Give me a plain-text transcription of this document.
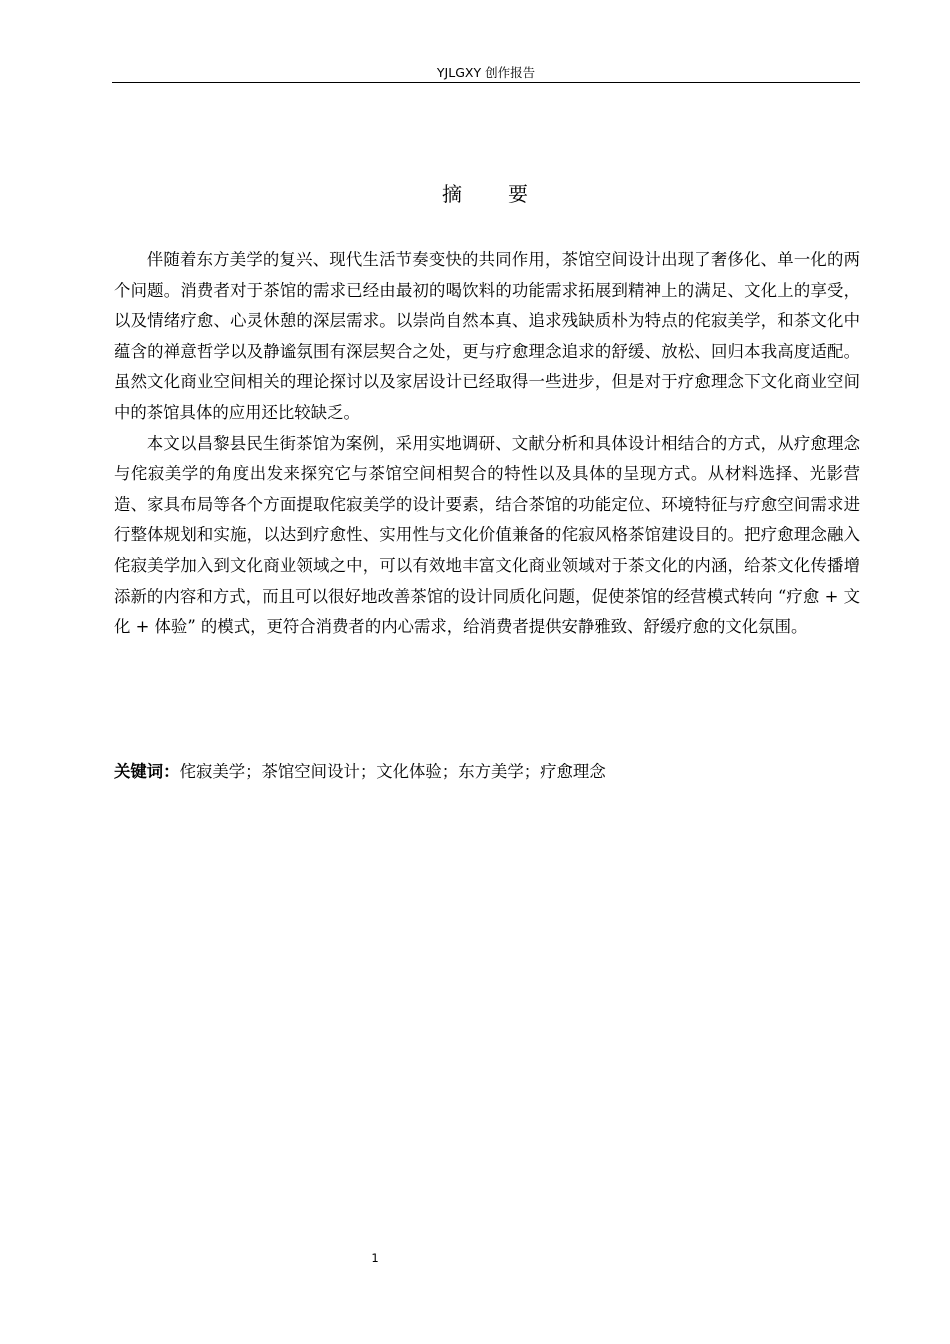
YJLGXY 创作报告
摘 要

伴随着东方美学的复兴、现代生活节奏变快的共同作用，茶馆空间设计出现了奢侈化、单一化的两个问题。消费者对于茶馆的需求已经由最初的喝饮料的功能需求拓展到精神上的满足、文化上的享受，以及情绪疗愈、心灵休憩的深层需求。以崇尚自然本真、追求残缺质朴为特点的侘寂美学，和茶文化中蕴含的禅意哲学以及静谧氛围有深层契合之处，更与疗愈理念追求的舒缓、放松、回归本我高度适配。虽然文化商业空间相关的理论探讨以及家居设计已经取得一些进步，但是对于疗愈理念下文化商业空间中的茶馆具体的应用还比较缺乏。

本文以昌黎县民生街茶馆为案例，采用实地调研、文献分析和具体设计相结合的方式，从疗愈理念与侘寂美学的角度出发来探究它与茶馆空间相契合的特性以及具体的呈现方式。从材料选择、光影营造、家具布局等各个方面提取侘寂美学的设计要素，结合茶馆的功能定位、环境特征与疗愈空间需求进行整体规划和实施，以达到疗愈性、实用性与文化价值兼备的侘寂风格茶馆建设目的。把疗愈理念融入侘寂美学加入到文化商业领域之中，可以有效地丰富文化商业领域对于茶文化的内涵，给茶文化传播增添新的内容和方式，而且可以很好地改善茶馆的设计同质化问题，促使茶馆的经营模式转向 “疗愈 + 文化 + 体验” 的模式，更符合消费者的内心需求，给消费者提供安静雅致、舒缓疗愈的文化氛围。

关键词：侘寂美学；茶馆空间设计；文化体验；东方美学；疗愈理念
1
